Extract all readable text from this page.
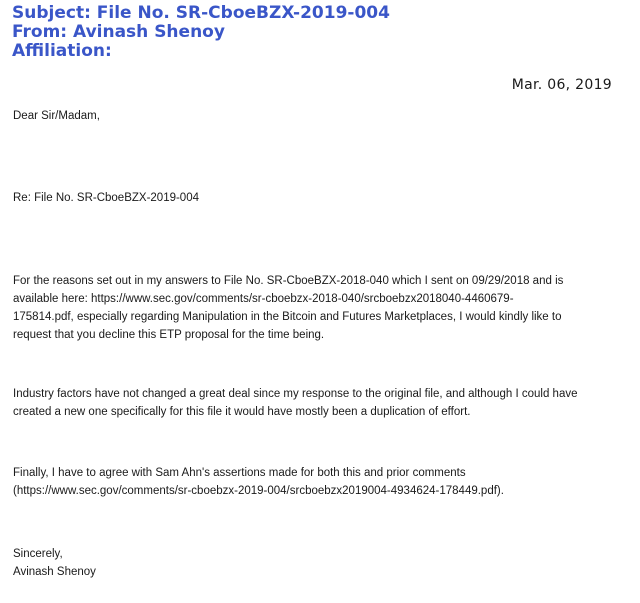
Subject: File No. SR-CboeBZX-2019-004
From: Avinash Shenoy
Affiliation:
Mar. 06, 2019
Dear Sir/Madam,
Re: File No. SR-CboeBZX-2019-004
For the reasons set out in my answers to File No. SR-CboeBZX-2018-040 which I sent on 09/29/2018 and is
available here: https://www.sec.gov/comments/sr-cboebzx-2018-040/srcboebzx2018040-4460679-
175814.pdf, especially regarding Manipulation in the Bitcoin and Futures Marketplaces, I would kindly like to
request that you decline this ETP proposal for the time being.
Industry factors have not changed a great deal since my response to the original file, and although I could have
created a new one specifically for this file it would have mostly been a duplication of effort.
Finally, I have to agree with Sam Ahn's assertions made for both this and prior comments
(https://www.sec.gov/comments/sr-cboebzx-2019-004/srcboebzx2019004-4934624-178449.pdf).
Sincerely,
Avinash Shenoy
